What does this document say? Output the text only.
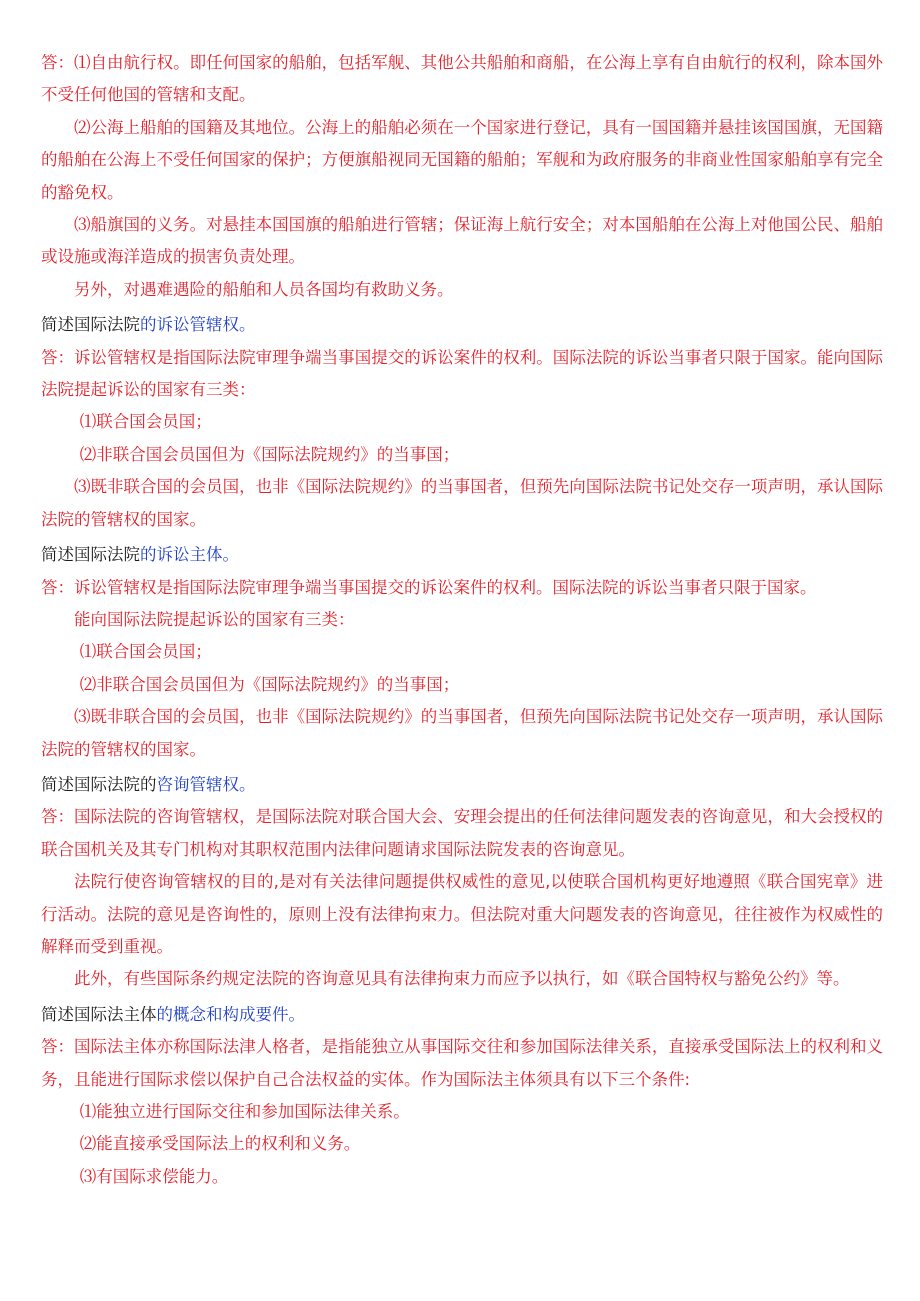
答：⑴自由航行权。即任何国家的船舶，包括军舰、其他公共船舶和商船，在公海上享有自由航行的权利，除本国外不受任何他国的管辖和支配。

⑵公海上船舶的国籍及其地位。公海上的船舶必须在一个国家进行登记，具有一国国籍并悬挂该国国旗，无国籍的船舶在公海上不受任何国家的保护；方便旗船视同无国籍的船舶；军舰和为政府服务的非商业性国家船舶享有完全的豁免权。

⑶船旗国的义务。对悬挂本国国旗的船舶进行管辖；保证海上航行安全；对本国船舶在公海上对他国公民、船舶或设施或海洋造成的损害负责处理。

另外，对遇难遇险的船舶和人员各国均有救助义务。

简述国际法院的诉讼管辖权。

答：诉讼管辖权是指国际法院审理争端当事国提交的诉讼案件的权利。国际法院的诉讼当事者只限于国家。能向国际法院提起诉讼的国家有三类：

⑴联合国会员国；

⑵非联合国会员国但为《国际法院规约》的当事国；

⑶既非联合国的会员国，也非《国际法院规约》的当事国者，但预先向国际法院书记处交存一项声明，承认国际法院的管辖权的国家。

简述国际法院的诉讼主体。

答：诉讼管辖权是指国际法院审理争端当事国提交的诉讼案件的权利。国际法院的诉讼当事者只限于国家。

能向国际法院提起诉讼的国家有三类：

⑴联合国会员国；

⑵非联合国会员国但为《国际法院规约》的当事国；

⑶既非联合国的会员国，也非《国际法院规约》的当事国者，但预先向国际法院书记处交存一项声明，承认国际法院的管辖权的国家。

简述国际法院的咨询管辖权。

答：国际法院的咨询管辖权，是国际法院对联合国大会、安理会提出的任何法律问题发表的咨询意见，和大会授权的联合国机关及其专门机构对其职权范围内法律问题请求国际法院发表的咨询意见。

法院行使咨询管辖权的目的,是对有关法律问题提供权威性的意见,以使联合国机构更好地遵照《联合国宪章》进行活动。法院的意见是咨询性的，原则上没有法律拘束力。但法院对重大问题发表的咨询意见，往往被作为权威性的解释而受到重视。

此外，有些国际条约规定法院的咨询意见具有法律拘束力而应予以执行，如《联合国特权与豁免公约》等。

简述国际法主体的概念和构成要件。

答：国际法主体亦称国际法津人格者，是指能独立从事国际交往和参加国际法律关系，直接承受国际法上的权利和义务，且能进行国际求偿以保护自己合法权益的实体。作为国际法主体须具有以下三个条件:

⑴能独立进行国际交往和参加国际法律关系。

⑵能直接承受国际法上的权利和义务。

⑶有国际求偿能力。
